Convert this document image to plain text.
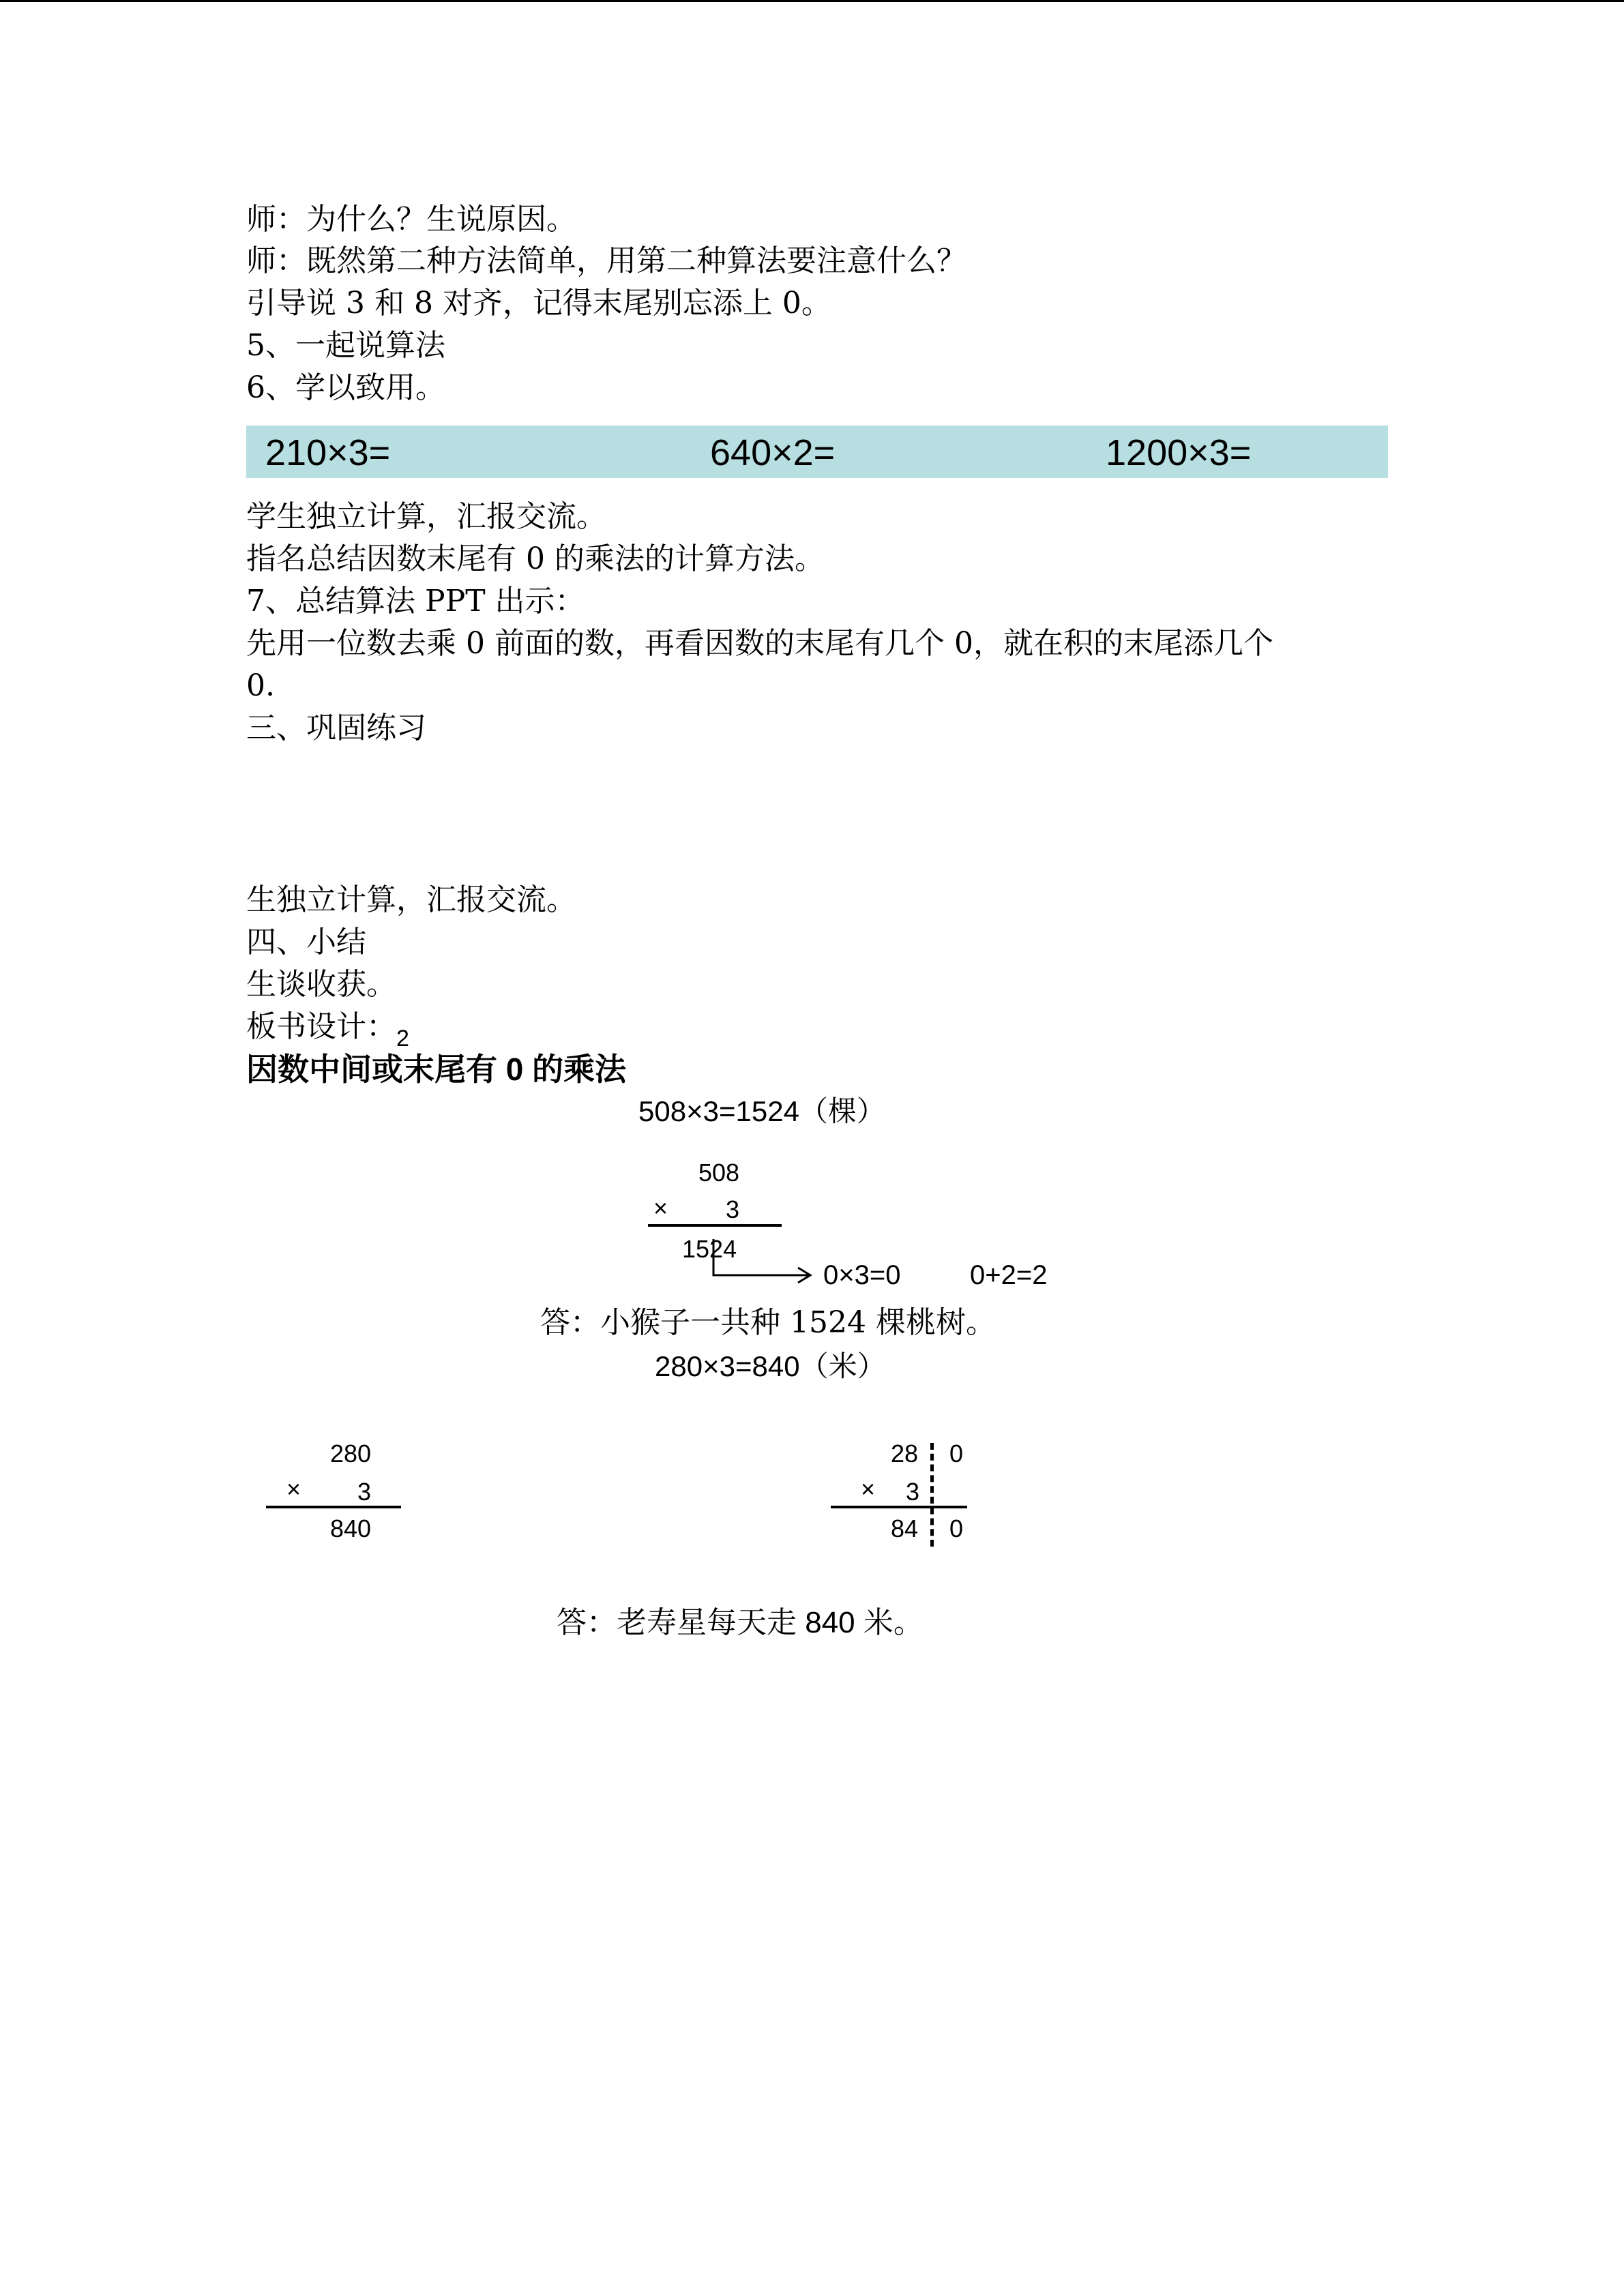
师：为什么？生说原因。
师：既然第二种方法简单，用第二种算法要注意什么？
引导说 3 和 8 对齐，记得末尾别忘添上 0。
5、一起说算法
6、学以致用。
210×3=	640×2=	1200×3=
学生独立计算，汇报交流。
指名总结因数末尾有 0 的乘法的计算方法。
7、总结算法 PPT 出示：
先用一位数去乘 0 前面的数，再看因数的末尾有几个 0，就在积的末尾添几个
0.
三、巩固练习
生独立计算，汇报交流。
四、小结
生谈收获。
板书设计：$_2$
因数中间或末尾有 0 的乘法
508×3=1524（棵）
508
× 3
1524
0×3=0	0+2=2
答：小猴子一共种 1524 棵桃树。
280×3=840（米）
280
× 3
840
28 0
× 3
84 0
答：老寿星每天走 840 米。
